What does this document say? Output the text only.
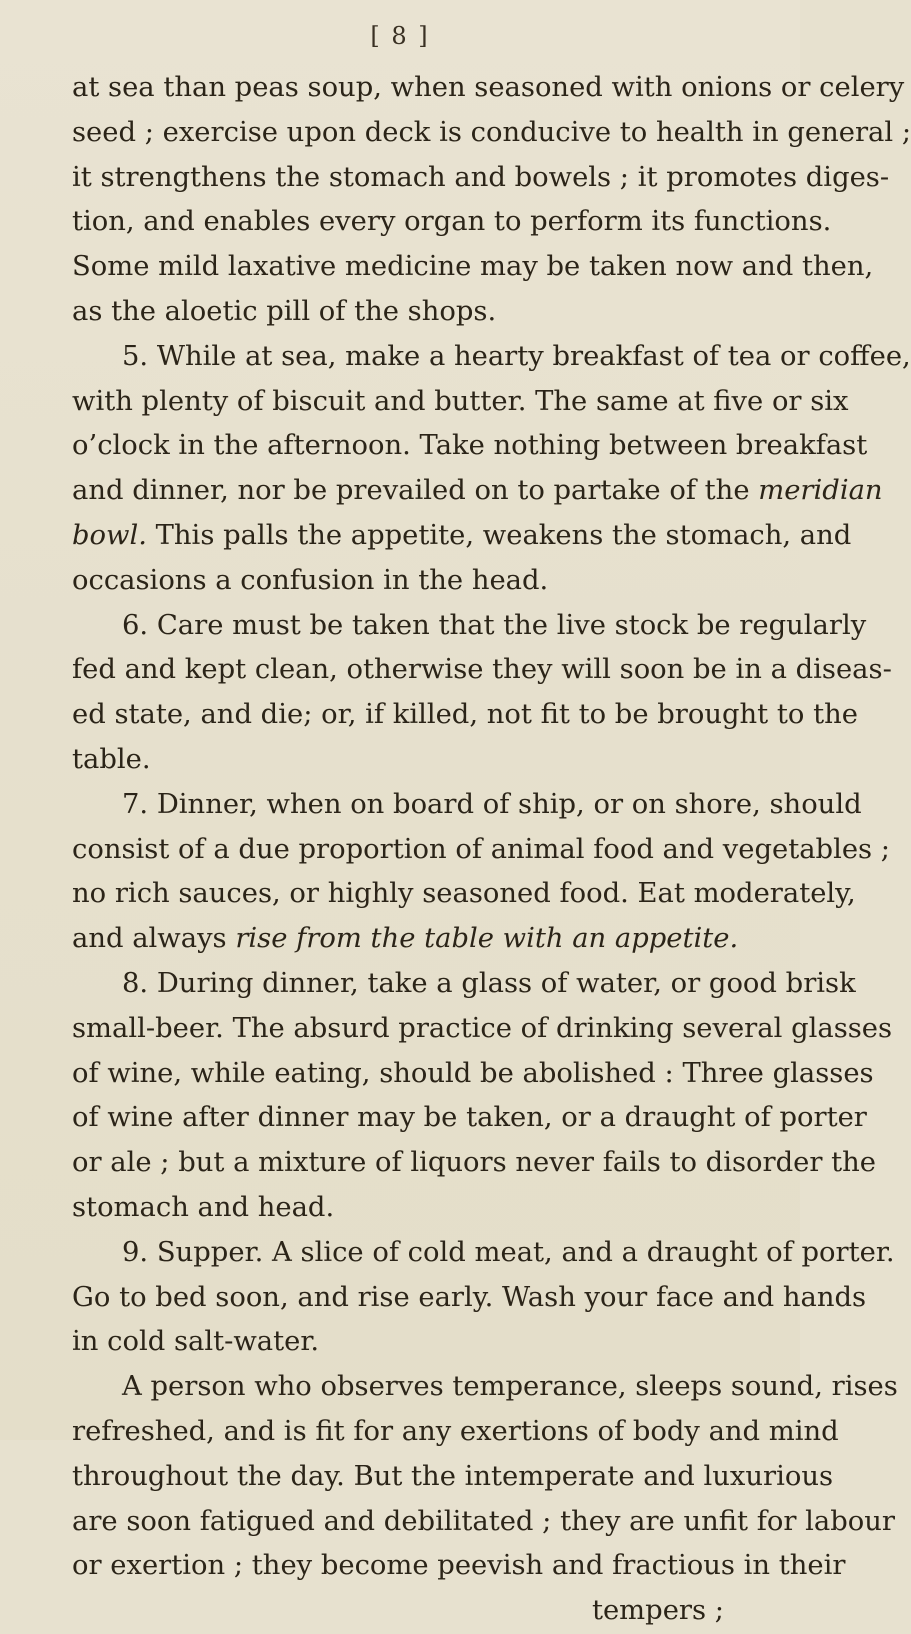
[ 8 ]
at sea than peas soup, when seasoned with onions or celery
seed ; exercise upon deck is conducive to health in general ;
it strengthens the stomach and bowels ; it promotes diges-
tion, and enables every organ to perform its functions.
Some mild laxative medicine may be taken now and then,
as the aloetic pill of the shops.
5. While at sea, make a hearty breakfast of tea or coffee,
with plenty of biscuit and butter. The same at five or six
o’clock in the afternoon. Take nothing between breakfast
and dinner, nor be prevailed on to partake of the meridian
bowl. This palls the appetite, weakens the stomach, and
occasions a confusion in the head.
6. Care must be taken that the live stock be regularly
fed and kept clean, otherwise they will soon be in a diseas-
ed state, and die; or, if killed, not fit to be brought to the
table.
7. Dinner, when on board of ship, or on shore, should
consist of a due proportion of animal food and vegetables ;
no rich sauces, or highly seasoned food. Eat moderately,
and always rise from the table with an appetite.
8. During dinner, take a glass of water, or good brisk
small-beer. The absurd practice of drinking several glasses
of wine, while eating, should be abolished : Three glasses
of wine after dinner may be taken, or a draught of porter
or ale ; but a mixture of liquors never fails to disorder the
stomach and head.
9. Supper. A slice of cold meat, and a draught of porter.
Go to bed soon, and rise early. Wash your face and hands
in cold salt-water.
A person who observes temperance, sleeps sound, rises
refreshed, and is fit for any exertions of body and mind
throughout the day. But the intemperate and luxurious
are soon fatigued and debilitated ; they are unfit for labour
or exertion ; they become peevish and fractious in their
tempers ;
